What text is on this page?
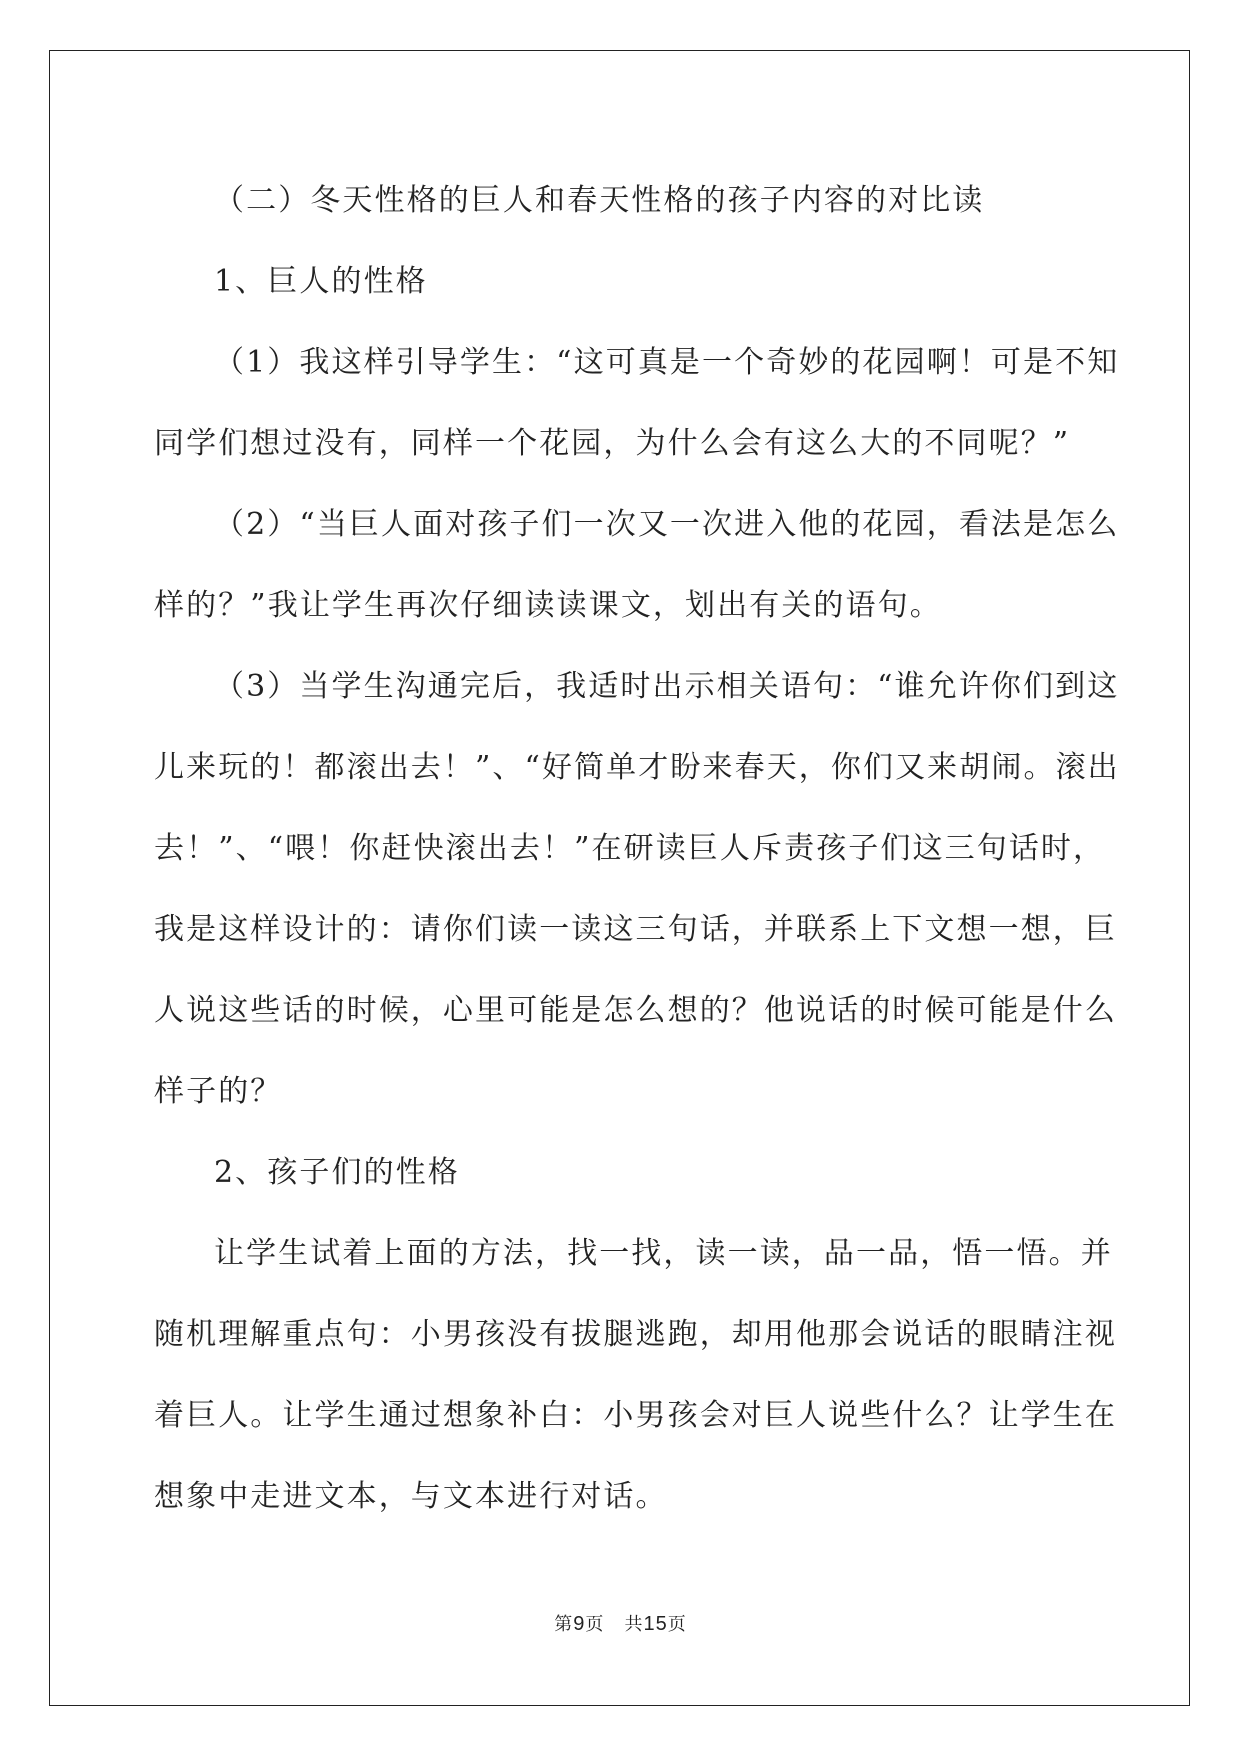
（二）冬天性格的巨人和春天性格的孩子内容的对比读
1、巨人的性格
（1）我这样引导学生：“这可真是一个奇妙的花园啊！可是不知
同学们想过没有，同样一个花园，为什么会有这么大的不同呢？”
（2）“当巨人面对孩子们一次又一次进入他的花园，看法是怎么
样的？”我让学生再次仔细读读课文，划出有关的语句。
（3）当学生沟通完后，我适时出示相关语句：“谁允许你们到这
儿来玩的！都滚出去！”、“好简单才盼来春天，你们又来胡闹。滚出
去！”、“喂！你赶快滚出去！”在研读巨人斥责孩子们这三句话时，
我是这样设计的：请你们读一读这三句话，并联系上下文想一想，巨
人说这些话的时候，心里可能是怎么想的？他说话的时候可能是什么
样子的？
2、孩子们的性格
让学生试着上面的方法，找一找，读一读，品一品，悟一悟。并
随机理解重点句：小男孩没有拔腿逃跑，却用他那会说话的眼睛注视
着巨人。让学生通过想象补白：小男孩会对巨人说些什么？让学生在
想象中走进文本，与文本进行对话。
第9页 共15页
